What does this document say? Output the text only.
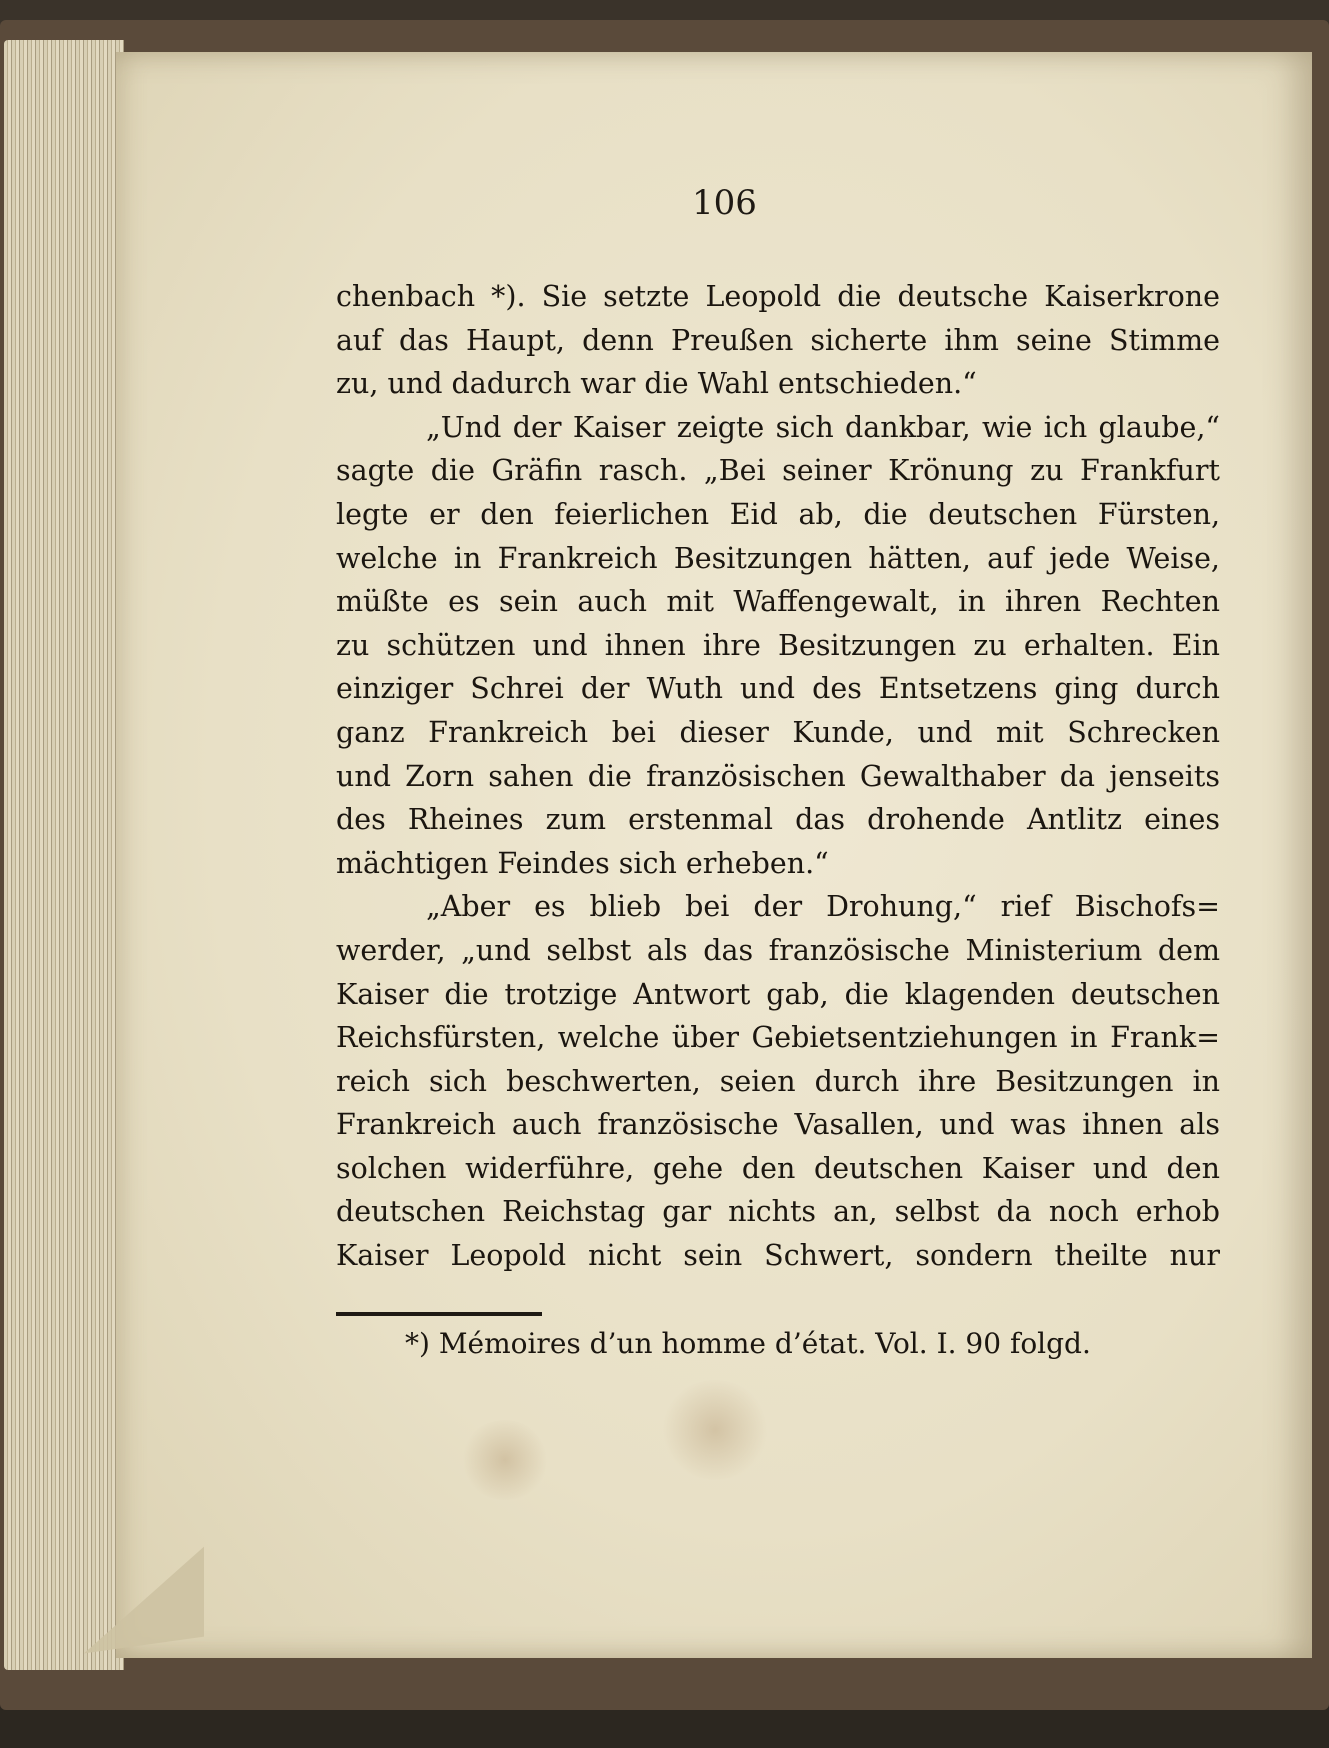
106

chenbach *). Sie setzte Leopold die deutsche Kaiserkrone

auf das Haupt, denn Preußen sicherte ihm seine Stimme

zu, und dadurch war die Wahl entschieden.“

„Und der Kaiser zeigte sich dankbar, wie ich glaube,“

sagte die Gräfin rasch. „Bei seiner Krönung zu Frankfurt

legte er den feierlichen Eid ab, die deutschen Fürsten,

welche in Frankreich Besitzungen hätten, auf jede Weise,

müßte es sein auch mit Waffengewalt, in ihren Rechten

zu schützen und ihnen ihre Besitzungen zu erhalten. Ein

einziger Schrei der Wuth und des Entsetzens ging durch

ganz Frankreich bei dieser Kunde, und mit Schrecken

und Zorn sahen die französischen Gewalthaber da jenseits

des Rheines zum erstenmal das drohende Antlitz eines

mächtigen Feindes sich erheben.“

„Aber es blieb bei der Drohung,“ rief Bischofs=

werder, „und selbst als das französische Ministerium dem

Kaiser die trotzige Antwort gab, die klagenden deutschen

Reichsfürsten, welche über Gebietsentziehungen in Frank=

reich sich beschwerten, seien durch ihre Besitzungen in

Frankreich auch französische Vasallen, und was ihnen als

solchen widerführe, gehe den deutschen Kaiser und den

deutschen Reichstag gar nichts an, selbst da noch erhob

Kaiser Leopold nicht sein Schwert, sondern theilte nur

*) Mémoires d’un homme d’état. Vol. I. 90 folgd.
